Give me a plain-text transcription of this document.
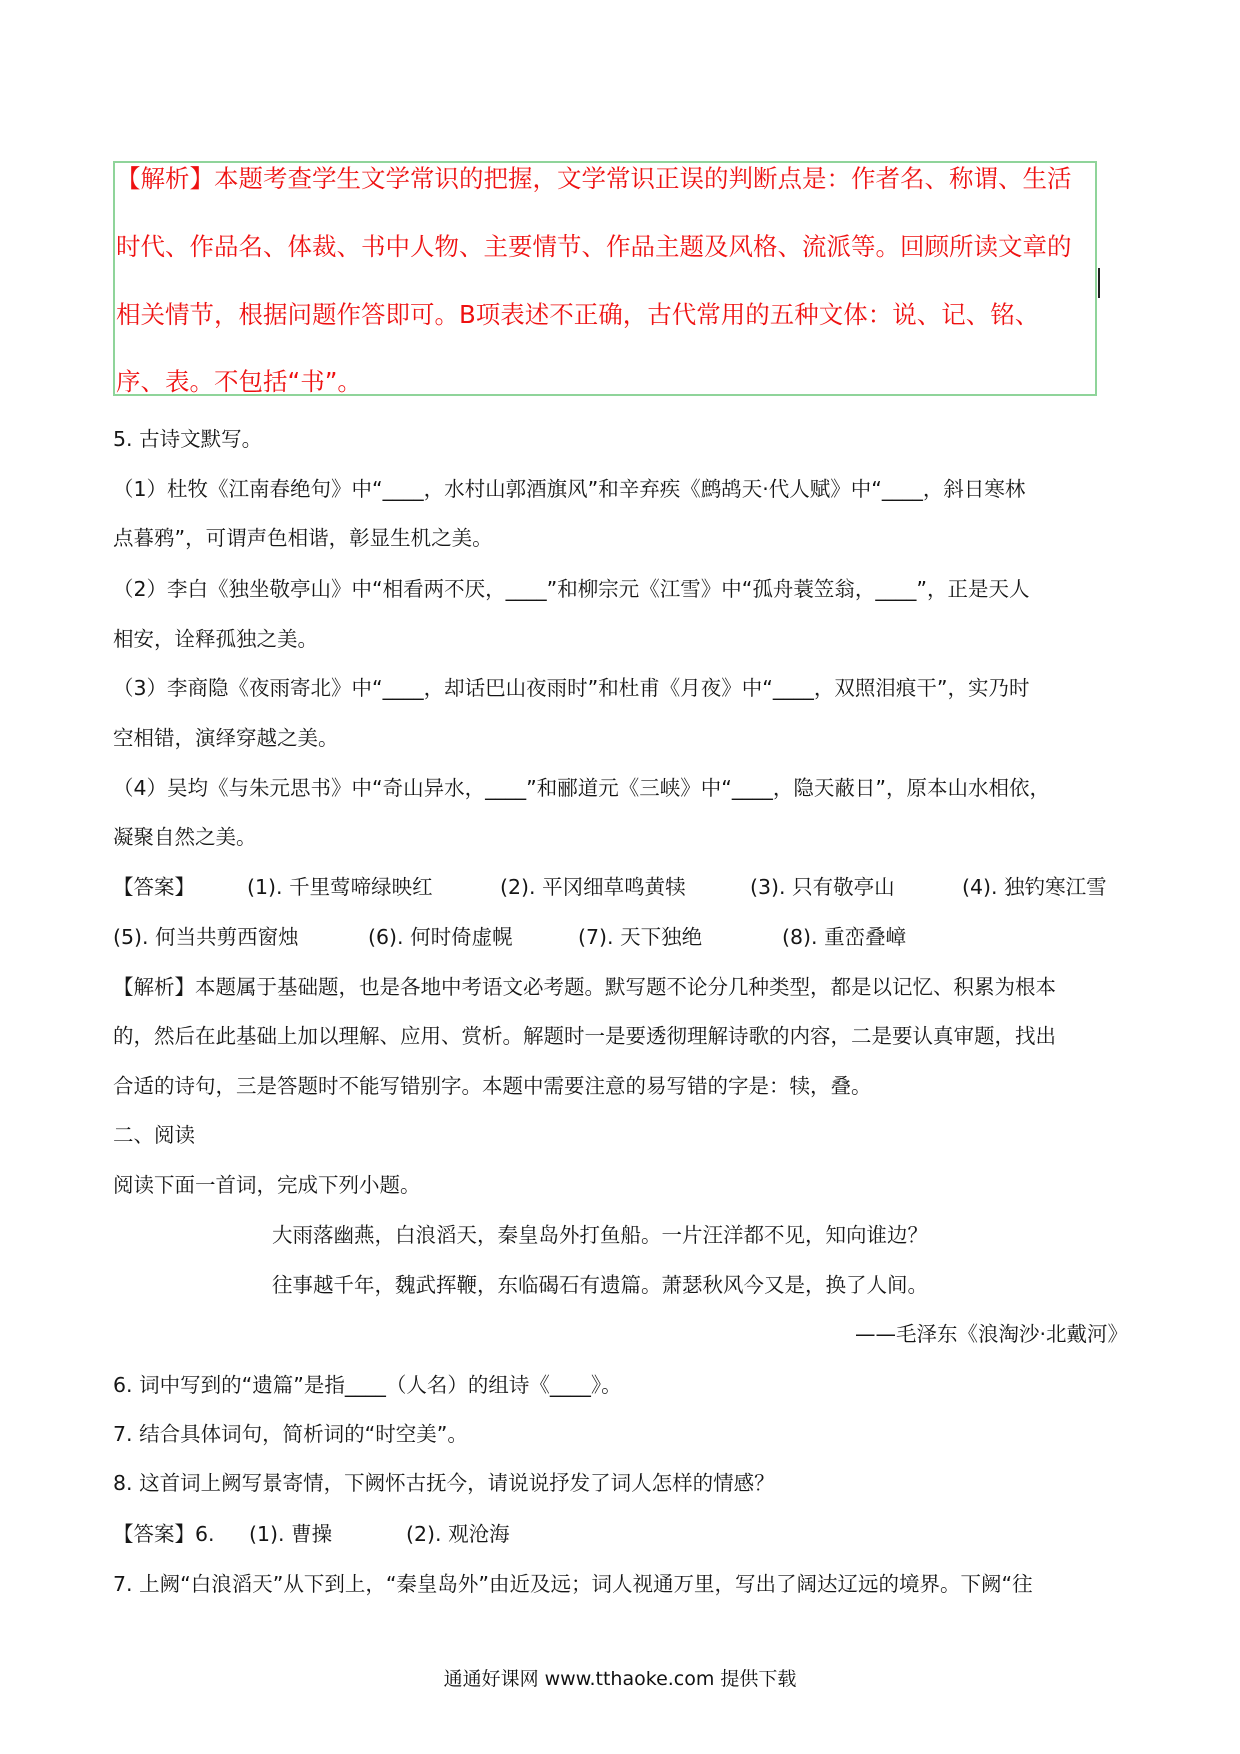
【解析】本题考查学生文学常识的把握，文学常识正误的判断点是：作者名、称谓、生活
时代、作品名、体裁、书中人物、主要情节、作品主题及风格、流派等。回顾所读文章的
相关情节，根据问题作答即可。B项表述不正确，古代常用的五种文体：说、记、铭、
序、表。不包括“书”。
5. 古诗文默写。
（1）杜牧《江南春绝句》中“____，水村山郭酒旗风”和辛弃疾《鹧鸪天·代人赋》中“____，斜日寒林
点暮鸦”，可谓声色相谐，彰显生机之美。
（2）李白《独坐敬亭山》中“相看两不厌，____”和柳宗元《江雪》中“孤舟蓑笠翁，____”，正是天人
相安，诠释孤独之美。
（3）李商隐《夜雨寄北》中“____，却话巴山夜雨时”和杜甫《月夜》中“____，双照泪痕干”，实乃时
空相错，演绎穿越之美。
（4）吴均《与朱元思书》中“奇山异水，____”和郦道元《三峡》中“____，隐天蔽日”，原本山水相依，
凝聚自然之美。
【答案】	(1). 千里莺啼绿映红	(2). 平冈细草鸣黄犊	(3). 只有敬亭山	(4). 独钓寒江雪
(5). 何当共剪西窗烛	(6). 何时倚虚幌	(7). 天下独绝	(8). 重峦叠嶂
【解析】本题属于基础题，也是各地中考语文必考题。默写题不论分几种类型，都是以记忆、积累为根本
的，然后在此基础上加以理解、应用、赏析。解题时一是要透彻理解诗歌的内容，二是要认真审题，找出
合适的诗句，三是答题时不能写错别字。本题中需要注意的易写错的字是：犊，叠。
二、阅读
阅读下面一首词，完成下列小题。
大雨落幽燕，白浪滔天，秦皇岛外打鱼船。一片汪洋都不见，知向谁边？
往事越千年，魏武挥鞭，东临碣石有遗篇。萧瑟秋风今又是，换了人间。
——毛泽东《浪淘沙·北戴河》
6. 词中写到的“遗篇”是指____（人名）的组诗《____》。
7. 结合具体词句，简析词的“时空美”。
8. 这首词上阙写景寄情，下阙怀古抚今，请说说抒发了词人怎样的情感？
【答案】6. (1). 曹操	(2). 观沧海
7. 上阙“白浪滔天”从下到上，“秦皇岛外”由近及远；词人视通万里，写出了阔达辽远的境界。下阙“往
通通好课网 www.tthaoke.com 提供下载
